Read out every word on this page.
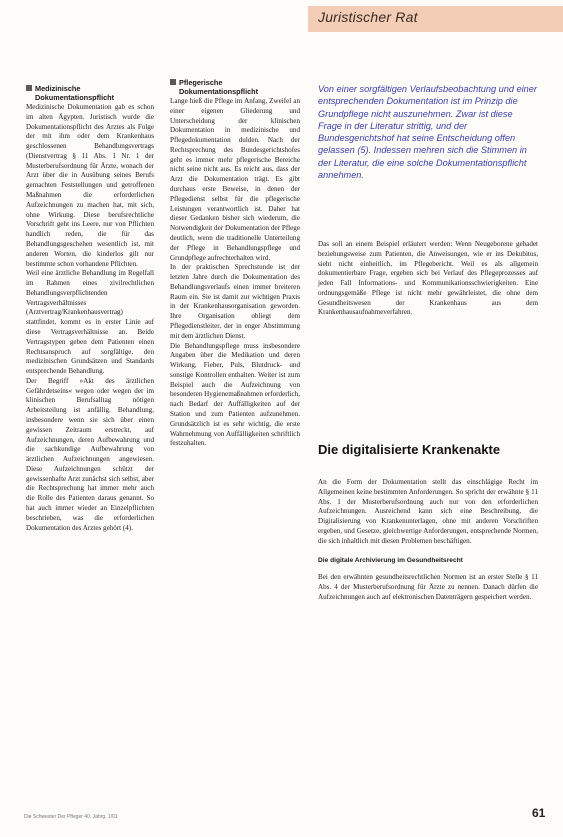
Juristischer Rat
Medizinische Dokumentationspflicht

Medizinische Dokumentation gab es schon im alten Ägypten. Juristisch wurde die Dokumentationspflicht des Arztes als Folge der mit ihm oder dem Krankenhaus geschlossenen Behandlungsvertrags (Dienstvertrag § 11 Abs. 1 Nr. 1 der Musterberufsordnung für Ärzte, wonach der Arzt über die in Ausübung seines Berufs gemachten Feststellungen und getroffenen Maßnahmen die erforderlichen Aufzeichnungen zu machen hat, mit sich, ohne Wirkung. Diese berufsrechtliche Vorschrift geht ins Leere, nur von Pflichten handlich reden, die für das Behandlungsgeschehen wesentlich ist, mit anderen Worten, die kinderlos gilt nur bestimmte schon vorhandene Pflichten.

Weil eine ärztliche Behandlung im Regelfall im Rahmen eines zivilrechtlichen Behandlungsverpflichtenden Vertragsverhältnisses (Arztvertrag/Krankenhausvertrag) stattfindet, kommt es in erster Linie auf diese Vertragsverhältnisse an. Beide Vertragstypen geben dem Patienten einen Rechtsanspruch auf sorgfältige, den medizinischen Grundsätzen und Standards entsprechende Behandlung.

Der Begriff »Akt des ärztlichen Gefährdetseins« wegen oder wegen der im klinischen Berufsalltag nötigen Arbeitsteilung ist anfällig. Behandlung, insbesondere wenn sie sich über einen gewissen Zeitraum erstreckt, auf Aufzeichnungen, deren Aufbewahrung und die sachkundige Aufbewahrung von ärztlichen Aufzeichnungen angewiesen. Diese Aufzeichnungen schützt der gewissenhafte Arzt zunächst sich selbst, aber die Rechtsprechung hat immer mehr auch die Rolle des Patienten daraus genannt. So hat auch immer wieder an Einzelpflichten beschrieben, was die erforderlichen Dokumentation des Arztes gehört (4).

Pflegerische Dokumentationspflicht

Lange hieß die Pflege im Anfang, Zweifel an einer eigenen Gliederung und Unterscheidung der klinischen Dokumentation in medizinische und Pflegedokumentation dulden. Nach der Rechtsprechung des Bundesgerichtshofes geht es immer mehr pflegerische Bereiche nicht seine nicht aus. Es reicht aus, dass der Arzt die Dokumentation trägt. Es gibt durchaus erste Beweise, in denen der Pflegedienst selbst für die pflegerische Leistungen verantwortlich ist. Daher hat dieser Gedanken bisher sich wiederum, die Notwendigkeit der Dokumentation der Pflege deutlich, wenn die traditionelle Unterteilung der Pflege in Behandlungspflege und Grundpflege aufrechterhalten wird.

In der praktischen Sprechstunde ist der letzten Jahre durch die Dokumentation des Behandlungsverlaufs einen immer breiteren Raum ein. Sie ist damit zur wichtigen Praxis in der Krankenhausorganisation geworden. Ihre Organisation obliegt dem Pflegedienstleiter, der in enger Abstimmung mit dem ärztlichen Dienst.

Die Behandlungspflege muss insbesondere Angaben über die Medikation und deren Wirkung, Fieber, Puls, Blutdruck- und sonstige Kontrollen enthalten. Weiter ist zum Beispiel auch die Aufzeichnung von besonderen Hygienemaßnahmen erforderlich, nach Bedarf der Auffälligkeiten auf der Station und zum Patienten aufzunehmen. Grundsätzlich ist es sehr wichtig, die erste Wahrnehmung von Auffälligkeiten schriftlich festzuhalten.

Von einer sorgfältigen Verlaufsbeobachtung und einer entsprechenden Dokumentation ist im Prinzip die Grundpflege nicht auszunehmen. Zwar ist diese Frage in der Literatur strittig, und der Bundesgerichtshof hat seine Entscheidung offen gelassen (5). Indessen mehren sich die Stimmen in der Literatur, die eine solche Dokumentationspflicht annehmen.

Das soll an einem Beispiel erläutert werden: Wenn Neugeborene gebadet beziehungsweise zum Patienten, die Anweisungen, wie er ins Dekubitus, sieht nicht einheitlich, im Pflegebericht. Weil es als allgemein dokumentierbare Frage, ergeben sich bei Verlauf des Pflegeprozesses auf jeden Fall Informations- und Kommunikationsschwierigkeiten. Eine ordnungsgemäße Pflege ist nicht mehr gewährleistet, die ohne dem Gesundheitswesen der Krankenhaus aus dem Krankenhausaufnahmeverfahren.

Die digitalisierte Krankenakte

An die Form der Dokumentation stellt das einschlägige Recht im Allgemeinen keine bestimmten Anforderungen. So spricht der erwähnte § 11 Abs. 1 der Musterberufsordnung auch nur von den erforderlichen Aufzeichnungen. Ausreichend kann sich eine Beschreibung, die Digitalisierung von Krankenunterlagen, ohne mit anderen Vorschriften ergeben, und Gesetze, gleichwertige Anforderungen, entsprechende Normen, die sich inhaltlich mit diesen Problemen beschäftigen.

Die digitale Archivierung im Gesundheitsrecht

Bei den erwähnten gesundheitsrechtlichen Normen ist an erster Stelle § 11 Abs. 4 der Musterberufsordnung für Ärzte zu nennen. Danach dürfen die Aufzeichnungen auch auf elektronischen Datenträgern gespeichert werden.

Die Schwester Der Pfleger 40. Jahrg. 1/01	61
